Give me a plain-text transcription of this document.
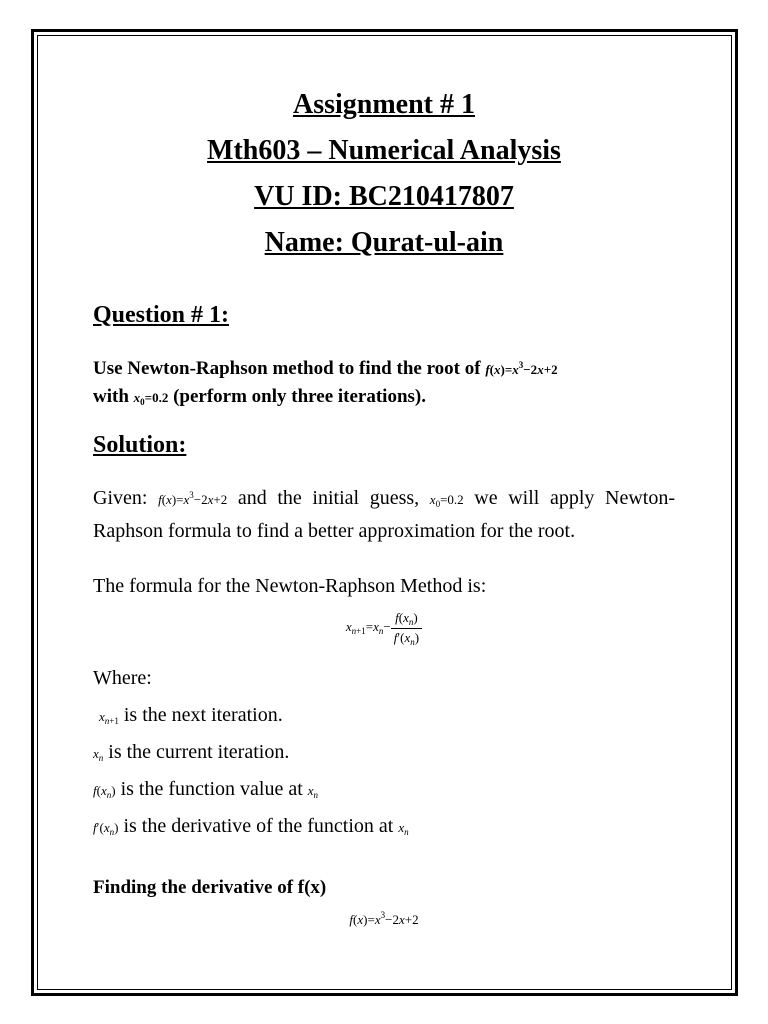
Assignment # 1
Mth603 – Numerical Analysis
VU ID: BC210417807
Name: Qurat-ul-ain
Question # 1:
Use Newton-Raphson method to find the root of $f(x)=x^3-2x+2$
with $x_0=0.2$ (perform only three iterations).
Solution:
Given: $f(x)=x^3-2x+2$ and the initial guess, $x_0=0.2$ we will apply Newton-Raphson formula to find a better approximation for the root.
The formula for the Newton-Raphson Method is:
$x_{n+1}=x_n- \frac{f(x_n)}{f'(x_n)}$
Where:
$x_{n+1}$ is the next iteration.
$x_n$ is the current iteration.
$f(x_n)$ is the function value at $x_n$
$f'(x_n)$ is the derivative of the function at $x_n$
Finding the derivative of f(x)
$f(x)=x^3-2x+2$
